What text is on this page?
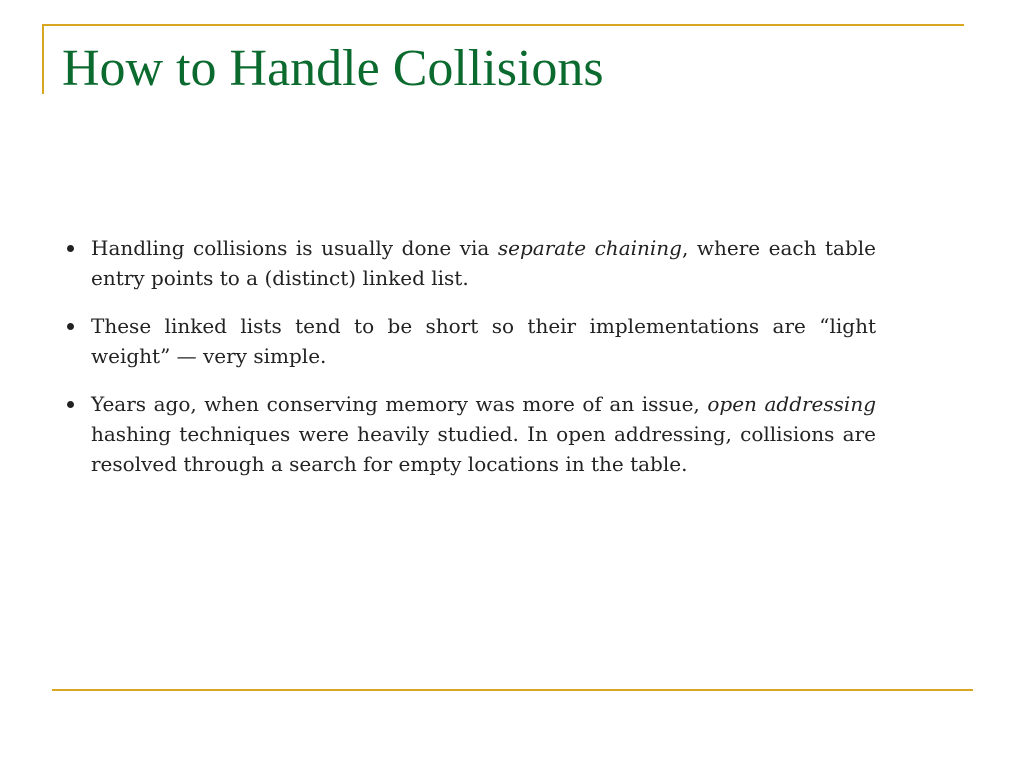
How to Handle Collisions
Handling collisions is usually done via separate chaining, where each table entry points to a (distinct) linked list.
These linked lists tend to be short so their implementations are “light weight” — very simple.
Years ago, when conserving memory was more of an issue, open addressing hashing techniques were heavily studied. In open addressing, collisions are resolved through a search for empty locations in the table.
